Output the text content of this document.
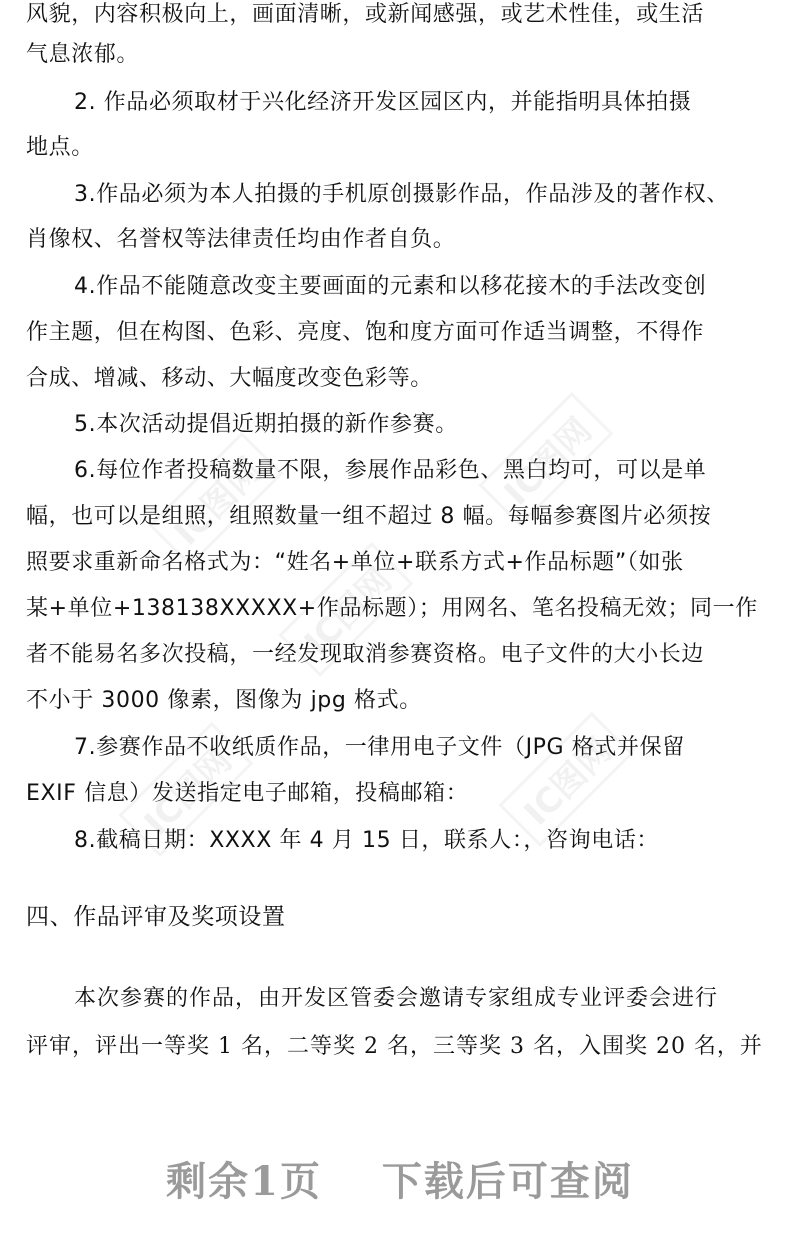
IC图网	IC图网
IC图网
IC图网	IC图网
风貌，内容积极向上，画面清晰，或新闻感强，或艺术性佳，或生活
气息浓郁。
2. 作品必须取材于兴化经济开发区园区内，并能指明具体拍摄
地点。
3.作品必须为本人拍摄的手机原创摄影作品，作品涉及的著作权、
肖像权、名誉权等法律责任均由作者自负。
4.作品不能随意改变主要画面的元素和以移花接木的手法改变创
作主题，但在构图、色彩、亮度、饱和度方面可作适当调整，不得作
合成、增减、移动、大幅度改变色彩等。
5.本次活动提倡近期拍摄的新作参赛。
6.每位作者投稿数量不限，参展作品彩色、黑白均可，可以是单
幅，也可以是组照，组照数量一组不超过 8 幅。每幅参赛图片必须按
照要求重新命名格式为：“姓名+单位+联系方式+作品标题”（如张
某+单位+138138XXXXX+作品标题）；用网名、笔名投稿无效；同一作
者不能易名多次投稿，一经发现取消参赛资格。电子文件的大小长边
不小于 3000 像素，图像为 jpg 格式。
7.参赛作品不收纸质作品，一律用电子文件（JPG 格式并保留
EXIF 信息）发送指定电子邮箱，投稿邮箱：
8.截稿日期：XXXX 年 4 月 15 日，联系人：，咨询电话：
四、作品评审及奖项设置
本次参赛的作品，由开发区管委会邀请专家组成专业评委会进行
评审，评出一等奖 1 名，二等奖 2 名，三等奖 3 名，入围奖 20 名，并
剩余1页 下载后可查阅
